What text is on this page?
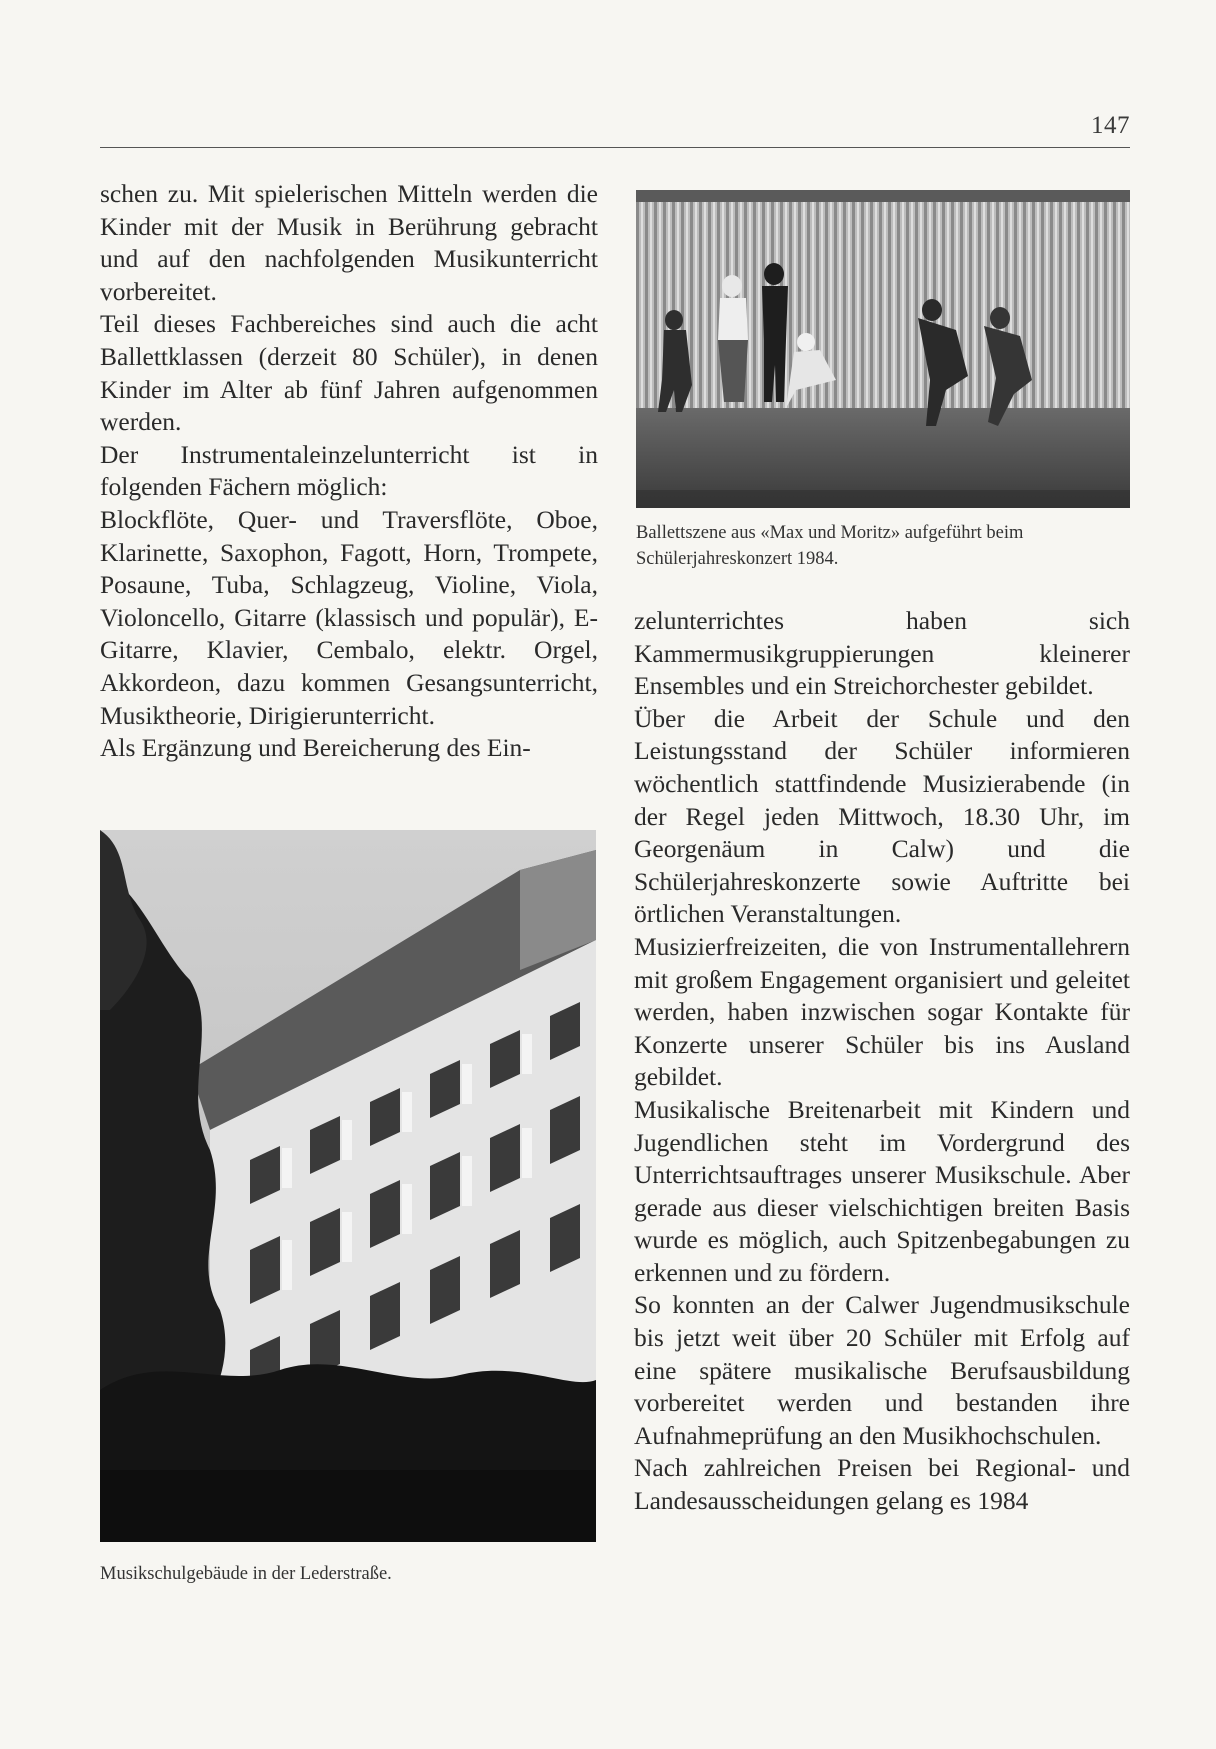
147

schen zu. Mit spielerischen Mitteln werden die Kinder mit der Musik in Berührung gebracht und auf den nachfolgenden Musikunterricht vorbereitet.

Teil dieses Fachbereiches sind auch die acht Ballettklassen (derzeit 80 Schüler), in denen Kinder im Alter ab fünf Jahren aufgenommen werden.

Der Instrumentaleinzelunterricht ist in folgenden Fächern möglich:

Blockflöte, Quer- und Traversflöte, Oboe, Klarinette, Saxophon, Fagott, Horn, Trompete, Posaune, Tuba, Schlagzeug, Violine, Viola, Violoncello, Gitarre (klassisch und populär), E-Gitarre, Klavier, Cembalo, elektr. Orgel, Akkordeon, dazu kommen Gesangsunterricht, Musiktheorie, Dirigierunterricht.

Als Ergänzung und Bereicherung des Ein-

Ballettszene aus «Max und Moritz» aufgeführt beim Schülerjahreskonzert 1984.
Musikschulgebäude in der Lederstraße.

zelunterrichtes haben sich Kammermusikgruppierungen kleinerer Ensembles und ein Streichorchester gebildet.

Über die Arbeit der Schule und den Leistungsstand der Schüler informieren wöchentlich stattfindende Musizierabende (in der Regel jeden Mittwoch, 18.30 Uhr, im Georgenäum in Calw) und die Schülerjahreskonzerte sowie Auftritte bei örtlichen Veranstaltungen.

Musizierfreizeiten, die von Instrumentallehrern mit großem Engagement organisiert und geleitet werden, haben inzwischen sogar Kontakte für Konzerte unserer Schüler bis ins Ausland gebildet.

Musikalische Breitenarbeit mit Kindern und Jugendlichen steht im Vordergrund des Unterrichtsauftrages unserer Musikschule. Aber gerade aus dieser vielschichtigen breiten Basis wurde es möglich, auch Spitzenbegabungen zu erkennen und zu fördern.

So konnten an der Calwer Jugendmusikschule bis jetzt weit über 20 Schüler mit Erfolg auf eine spätere musikalische Berufsausbildung vorbereitet werden und bestanden ihre Aufnahmeprüfung an den Musikhochschulen.

Nach zahlreichen Preisen bei Regional- und Landesausscheidungen gelang es 1984
